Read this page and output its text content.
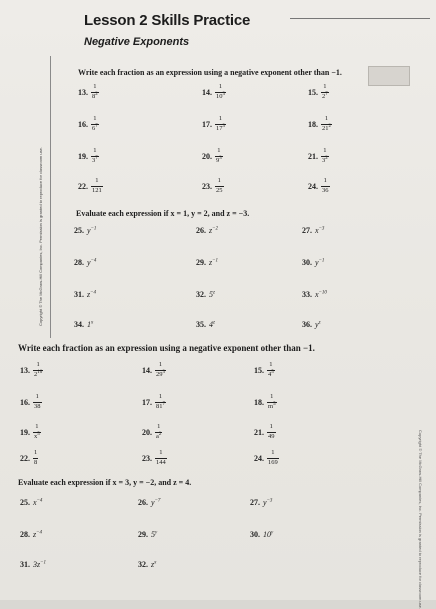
Lesson 2 Skills Practice
Negative Exponents
Copyright © The McGraw-Hill Companies, Inc. Permission is granted to reproduce for classroom use.
Copyright © The McGraw-Hill Companies, Inc. Permission is granted to reproduce for classroom use.
Write each fraction as an expression using a negative exponent other than −1.
Evaluate each expression if x = 1, y = 2, and z = −3.
Write each fraction as an expression using a negative exponent other than −1.
Evaluate each expression if x = 3, y = −2, and z = 4.
13. $\frac{1}{8^2}$	14. $\frac{1}{10^3}$	15. $\frac{1}{2^7}$
16. $\frac{1}{6^7}$	17. $\frac{1}{17^3}$	18. $\frac{1}{21^2}$
19. $\frac{1}{3^7}$	20. $\frac{1}{9^3}$	21. $\frac{1}{3^2}$
22. $\frac{1}{121}$	23. $\frac{1}{25}$	24. $\frac{1}{36}$
25. $y^{-1}$	26. $z^{-2}$	27. $x^{-3}$
28. $y^{-4}$	29. $z^{-1}$	30. $y^{-1}$
31. $z^{-4}$	32. 5$^z$	33. $x^{-10}$
34. 1$^x$	35. 4$^z$	36. $y^z$
13. $\frac{1}{2^{10}}$	14. $\frac{1}{29^3}$	15. $\frac{1}{4^5}$
16. $\frac{1}{38}$	17. $\frac{1}{81^7}$	18. $\frac{1}{m^5}$
19. $\frac{1}{x^5}$	20. $\frac{1}{a^2}$	21. $\frac{1}{49}$
22. $\frac{1}{8}$	23. $\frac{1}{144}$	24. $\frac{1}{169}$
25. $x^{-4}$	26. $y^{-7}$	27. $y^{-3}$
28. $z^{-4}$	29. 5$^y$	30. 10$^y$
31. $3z^{-1}$	32. $z^x$
